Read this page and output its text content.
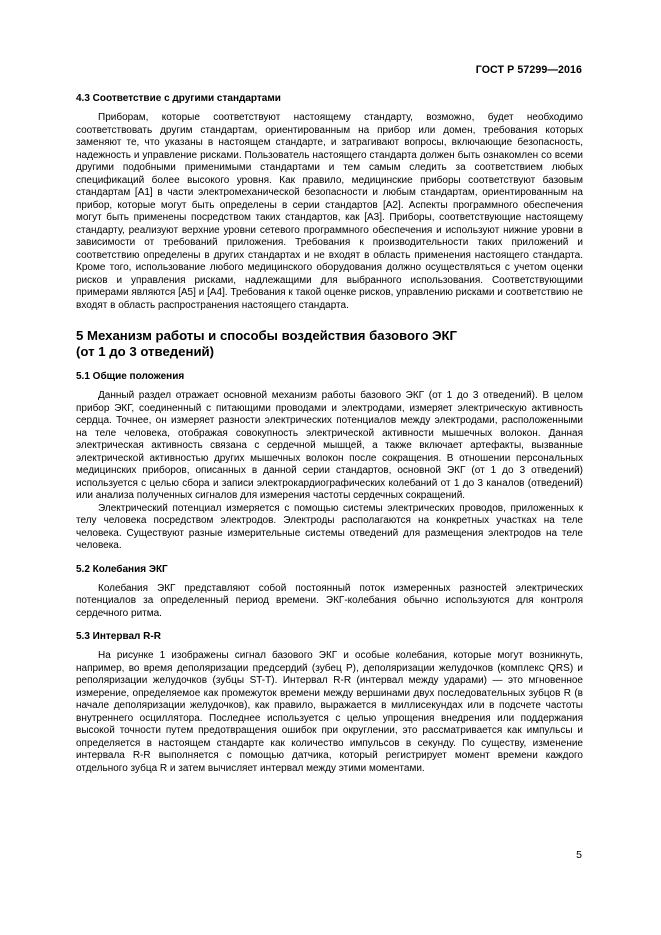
ГОСТ Р 57299—2016
4.3 Соответствие с другими стандартами

Приборам, которые соответствуют настоящему стандарту, возможно, будет необходимо соответствовать другим стандартам, ориентированным на прибор или домен, требования которых заменяют те, что указаны в настоящем стандарте, и затрагивают вопросы, включающие безопасность, надежность и управление рисками. Пользователь настоящего стандарта должен быть ознакомлен со всеми другими подобными применимыми стандартами и тем самым следить за соответствием любых спецификаций более высокого уровня. Как правило, медицинские приборы соответствуют базовым стандартам [А1] в части электромеханической безопасности и любым стандартам, ориентированным на прибор, которые могут быть определены в серии стандартов [А2]. Аспекты программного обеспечения могут быть применены посредством таких стандартов, как [А3]. Приборы, соответствующие настоящему стандарту, реализуют верхние уровни сетевого программного обеспечения и используют нижние уровни в зависимости от требований приложения. Требования к производительности таких приложений и соответствию определены в других стандартах и не входят в область применения настоящего стандарта. Кроме того, использование любого медицинского оборудования должно осуществляться с учетом оценки рисков и управления рисками, надлежащими для выбранного использования. Соответствующими примерами являются [А5] и [А4]. Требования к такой оценке рисков, управлению рисками и соответствию не входят в область распространения настоящего стандарта.

5 Механизм работы и способы воздействия базового ЭКГ
(от 1 до 3 отведений)
5.1 Общие положения

Данный раздел отражает основной механизм работы базового ЭКГ (от 1 до 3 отведений). В целом прибор ЭКГ, соединенный с питающими проводами и электродами, измеряет электрическую активность сердца. Точнее, он измеряет разности электрических потенциалов между электродами, расположенными на теле человека, отображая совокупность электрической активности мышечных волокон. Данная электрическая активность связана с сердечной мышцей, а также включает артефакты, вызванные электрической активностью других мышечных волокон после сокращения. В отношении персональных медицинских приборов, описанных в данной серии стандартов, основной ЭКГ (от 1 до 3 отведений) используется с целью сбора и записи электрокардиографических колебаний от 1 до 3 каналов (отведений) или анализа полученных сигналов для измерения частоты сердечных сокращений.

Электрический потенциал измеряется с помощью системы электрических проводов, приложенных к телу человека посредством электродов. Электроды располагаются на конкретных участках на теле человека. Существуют разные измерительные системы отведений для размещения электродов на теле человека.

5.2 Колебания ЭКГ

Колебания ЭКГ представляют собой постоянный поток измеренных разностей электрических потенциалов за определенный период времени. ЭКГ-колебания обычно используются для контроля сердечного ритма.

5.3 Интервал R-R

На рисунке 1 изображены сигнал базового ЭКГ и особые колебания, которые могут возникнуть, например, во время деполяризации предсердий (зубец Р), деполяризации желудочков (комплекс QRS) и реполяризации желудочков (зубцы ST-T). Интервал R-R (интервал между ударами) — это мгновенное измерение, определяемое как промежуток времени между вершинами двух последовательных зубцов R (в начале деполяризации желудочков), как правило, выражается в миллисекундах или в подсчете частоты внутреннего осциллятора. Последнее используется с целью упрощения внедрения или поддержания высокой точности путем предотвращения ошибок при округлении, это рассматривается как импульсы и определяется в настоящем стандарте как количество импульсов в секунду. По существу, изменение интервала R-R выполняется с помощью датчика, который регистрирует момент времени каждого отдельного зубца R и затем вычисляет интервал между этими моментами.

5
